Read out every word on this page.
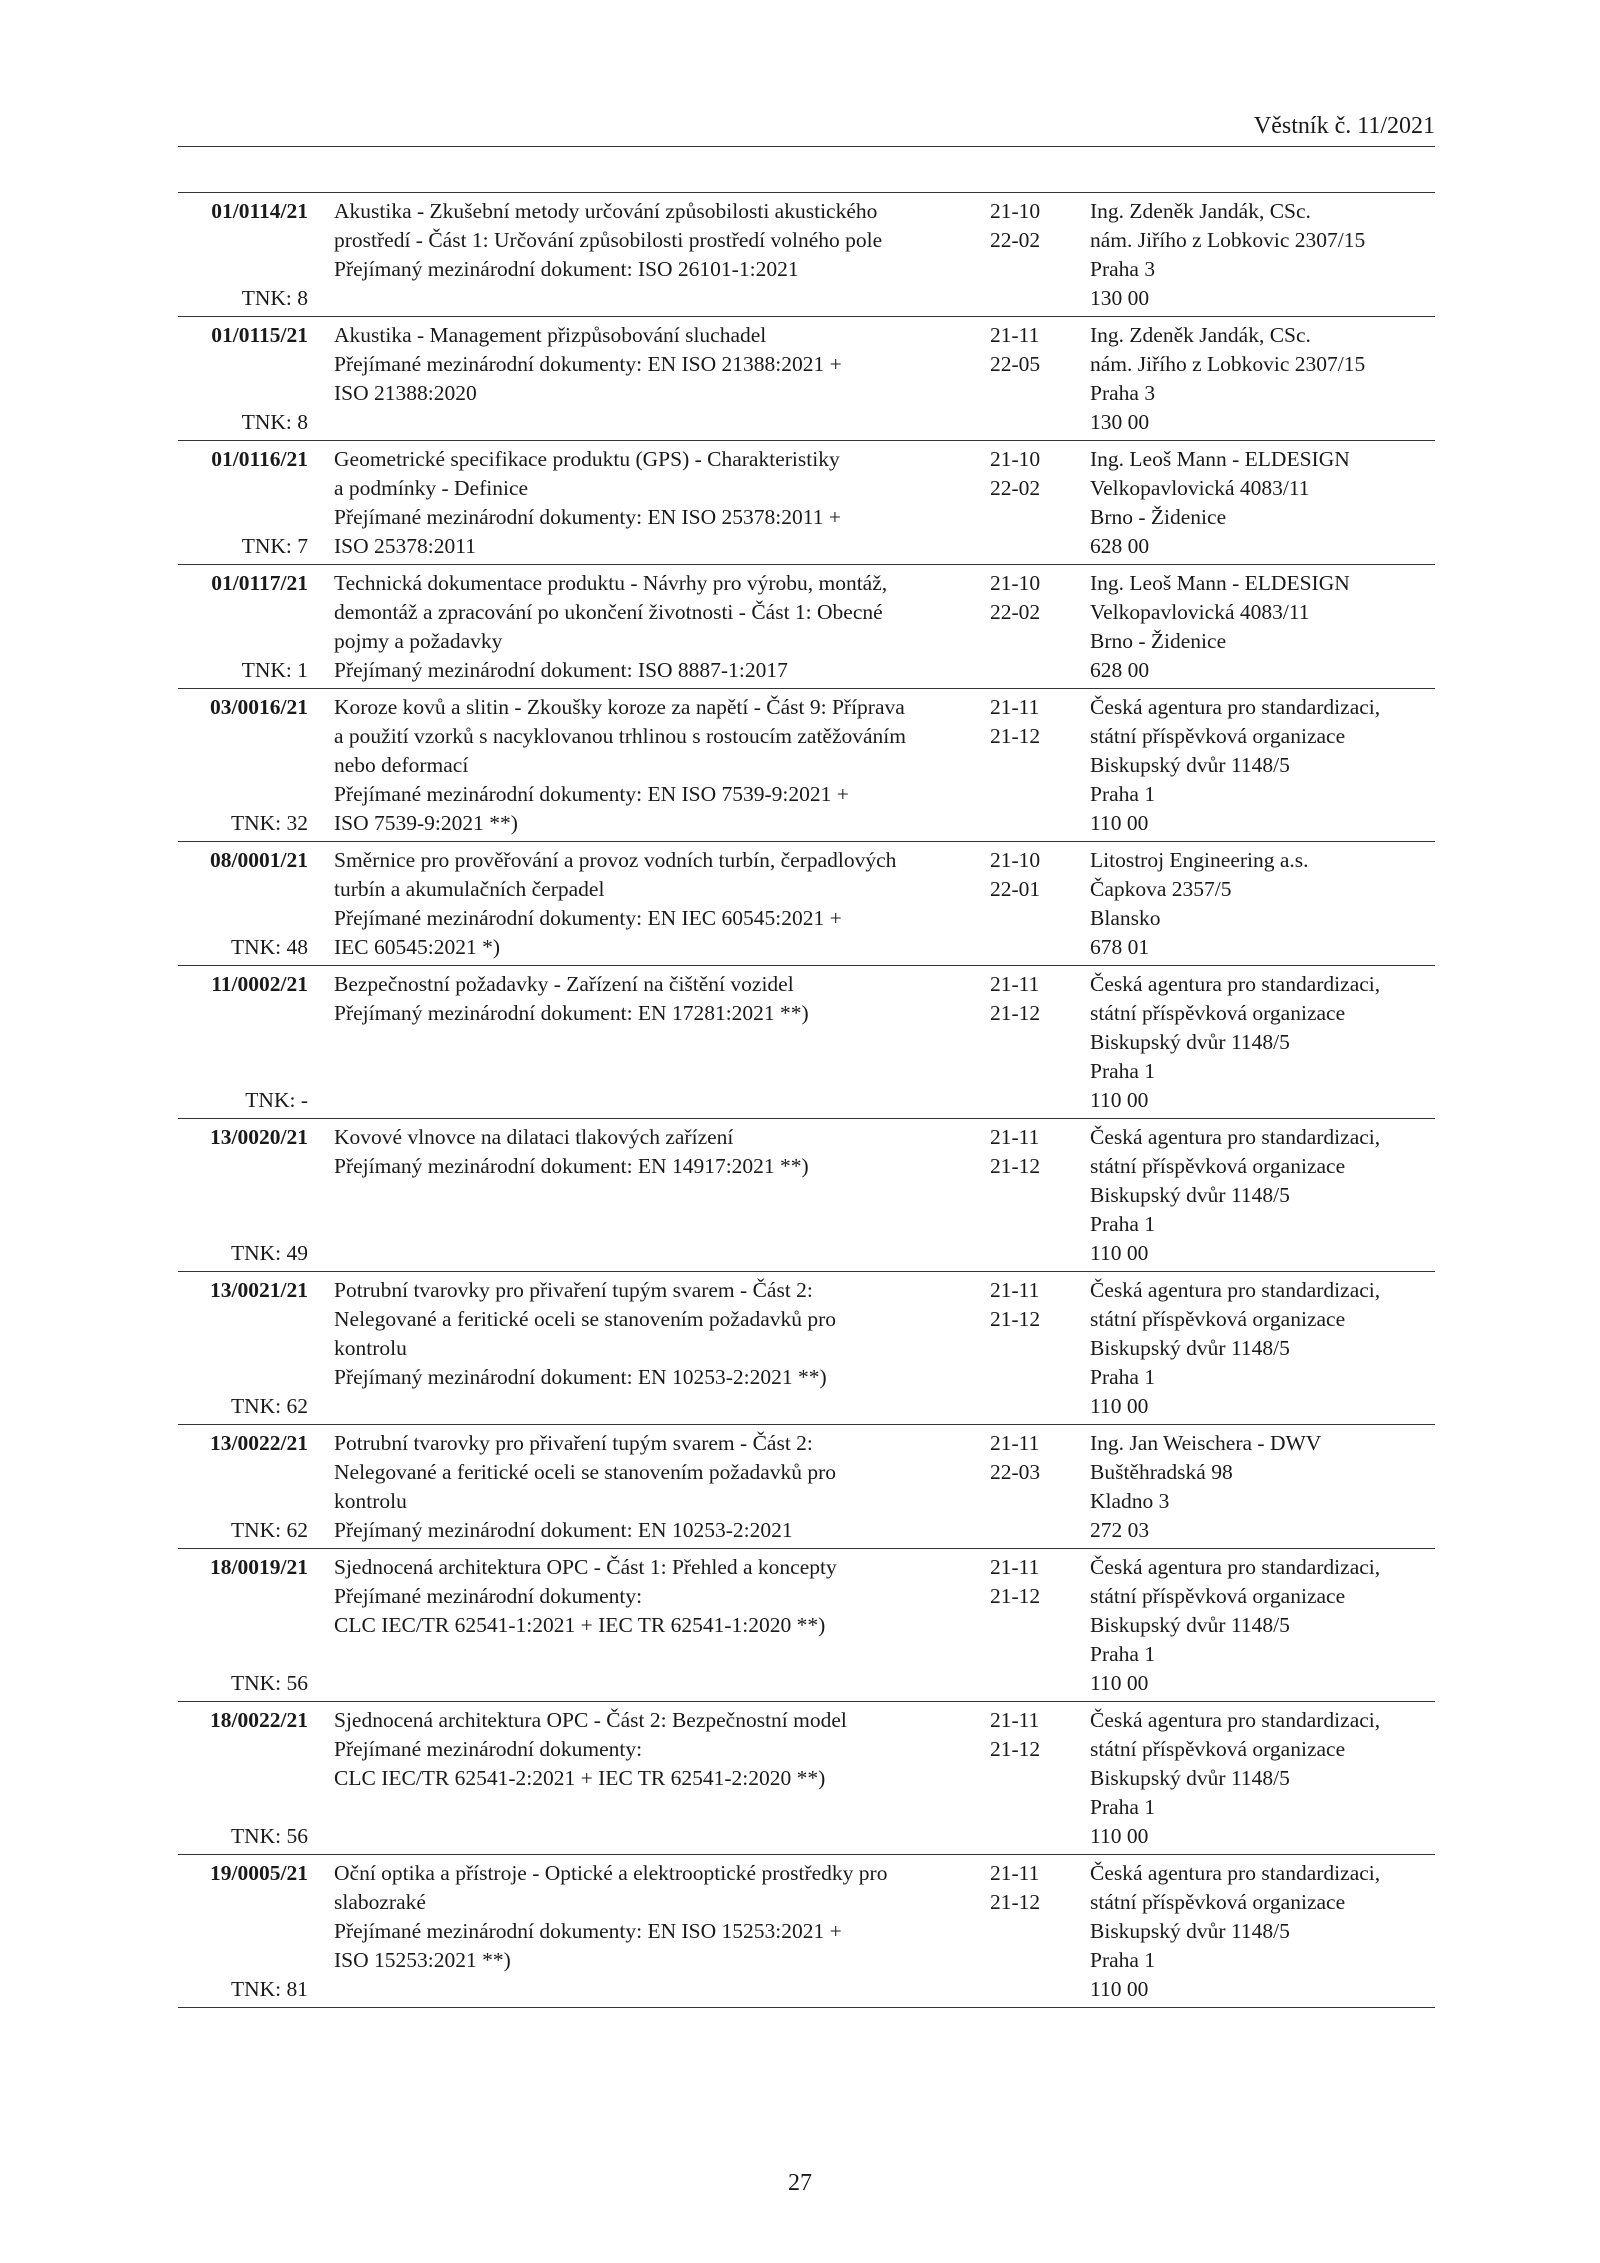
Věstník č. 11/2021
01/0114/21
TNK: 8
Akustika - Zkušební metody určování způsobilosti akustického
prostředí - Část 1: Určování způsobilosti prostředí volného pole
Přejímaný mezinárodní dokument: ISO 26101-1:2021
21-10
22-02
Ing. Zdeněk Jandák, CSc.
nám. Jiřího z Lobkovic 2307/15
Praha 3
130 00
01/0115/21
TNK: 8
Akustika - Management přizpůsobování sluchadel
Přejímané mezinárodní dokumenty: EN ISO 21388:2021 +
ISO 21388:2020
21-11
22-05
Ing. Zdeněk Jandák, CSc.
nám. Jiřího z Lobkovic 2307/15
Praha 3
130 00
01/0116/21
TNK: 7
Geometrické specifikace produktu (GPS) - Charakteristiky
a podmínky - Definice
Přejímané mezinárodní dokumenty: EN ISO 25378:2011 +
ISO 25378:2011
21-10
22-02
Ing. Leoš Mann - ELDESIGN
Velkopavlovická 4083/11
Brno - Židenice
628 00
01/0117/21
TNK: 1
Technická dokumentace produktu - Návrhy pro výrobu, montáž,
demontáž a zpracování po ukončení životnosti - Část 1: Obecné
pojmy a požadavky
Přejímaný mezinárodní dokument: ISO 8887-1:2017
21-10
22-02
Ing. Leoš Mann - ELDESIGN
Velkopavlovická 4083/11
Brno - Židenice
628 00
03/0016/21
TNK: 32
Koroze kovů a slitin - Zkoušky koroze za napětí - Část 9: Příprava
a použití vzorků s nacyklovanou trhlinou s rostoucím zatěžováním
nebo deformací
Přejímané mezinárodní dokumenty: EN ISO 7539-9:2021 +
ISO 7539-9:2021 **)
21-11
21-12
Česká agentura pro standardizaci,
státní příspěvková organizace
Biskupský dvůr 1148/5
Praha 1
110 00
08/0001/21
TNK: 48
Směrnice pro prověřování a provoz vodních turbín, čerpadlových
turbín a akumulačních čerpadel
Přejímané mezinárodní dokumenty: EN IEC 60545:2021 +
IEC 60545:2021 *)
21-10
22-01
Litostroj Engineering a.s.
Čapkova 2357/5
Blansko
678 01
11/0002/21
TNK: -
Bezpečnostní požadavky - Zařízení na čištění vozidel
Přejímaný mezinárodní dokument: EN 17281:2021 **)
21-11
21-12
Česká agentura pro standardizaci,
státní příspěvková organizace
Biskupský dvůr 1148/5
Praha 1
110 00
13/0020/21
TNK: 49
Kovové vlnovce na dilataci tlakových zařízení
Přejímaný mezinárodní dokument: EN 14917:2021 **)
21-11
21-12
Česká agentura pro standardizaci,
státní příspěvková organizace
Biskupský dvůr 1148/5
Praha 1
110 00
13/0021/21
TNK: 62
Potrubní tvarovky pro přivaření tupým svarem - Část 2:
Nelegované a feritické oceli se stanovením požadavků pro
kontrolu
Přejímaný mezinárodní dokument: EN 10253-2:2021 **)
21-11
21-12
Česká agentura pro standardizaci,
státní příspěvková organizace
Biskupský dvůr 1148/5
Praha 1
110 00
13/0022/21
TNK: 62
Potrubní tvarovky pro přivaření tupým svarem - Část 2:
Nelegované a feritické oceli se stanovením požadavků pro
kontrolu
Přejímaný mezinárodní dokument: EN 10253-2:2021
21-11
22-03
Ing. Jan Weischera - DWV
Buštěhradská 98
Kladno 3
272 03
18/0019/21
TNK: 56
Sjednocená architektura OPC - Část 1: Přehled a koncepty
Přejímané mezinárodní dokumenty:
CLC IEC/TR 62541-1:2021 + IEC TR 62541-1:2020 **)
21-11
21-12
Česká agentura pro standardizaci,
státní příspěvková organizace
Biskupský dvůr 1148/5
Praha 1
110 00
18/0022/21
TNK: 56
Sjednocená architektura OPC - Část 2: Bezpečnostní model
Přejímané mezinárodní dokumenty:
CLC IEC/TR 62541-2:2021 + IEC TR 62541-2:2020 **)
21-11
21-12
Česká agentura pro standardizaci,
státní příspěvková organizace
Biskupský dvůr 1148/5
Praha 1
110 00
19/0005/21
TNK: 81
Oční optika a přístroje - Optické a elektrooptické prostředky pro
slabozraké
Přejímané mezinárodní dokumenty: EN ISO 15253:2021 +
ISO 15253:2021 **)
21-11
21-12
Česká agentura pro standardizaci,
státní příspěvková organizace
Biskupský dvůr 1148/5
Praha 1
110 00
27
